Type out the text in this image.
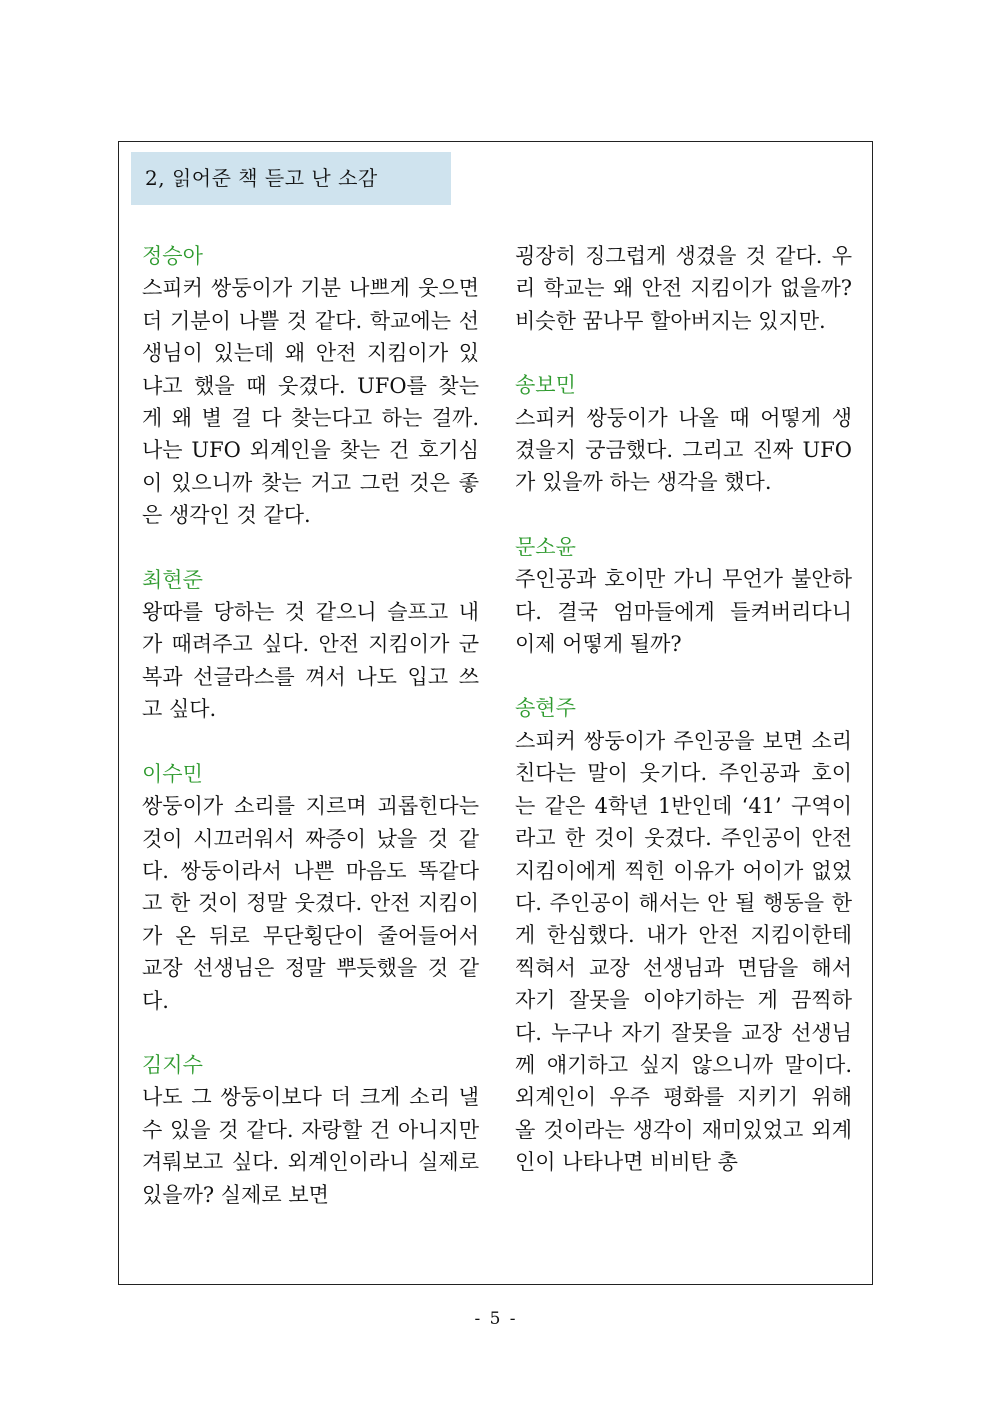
2, 읽어준 책 듣고 난 소감
정승아
스피커 쌍둥이가 기분 나쁘게 웃으면 더 기분이 나쁠 것 같다. 학교에는 선생님이 있는데 왜 안전 지킴이가 있냐고 했을 때 웃겼다. UFO를 찾는 게 왜 별 걸 다 찾는다고 하는 걸까. 나는 UFO 외계인을 찾는 건 호기심이 있으니까 찾는 거고 그런 것은 좋은 생각인 것 같다.
최현준
왕따를 당하는 것 같으니 슬프고 내가 때려주고 싶다. 안전 지킴이가 군복과 선글라스를 껴서 나도 입고 쓰고 싶다.
이수민
쌍둥이가 소리를 지르며 괴롭힌다는 것이 시끄러워서 짜증이 났을 것 같다. 쌍둥이라서 나쁜 마음도 똑같다고 한 것이 정말 웃겼다. 안전 지킴이가 온 뒤로 무단횡단이 줄어들어서 교장 선생님은 정말 뿌듯했을 것 같다.
김지수
나도 그 쌍둥이보다 더 크게 소리 낼 수 있을 것 같다. 자랑할 건 아니지만 겨뤄보고 싶다. 외계인이라니 실제로 있을까? 실제로 보면
굉장히 징그럽게 생겼을 것 같다. 우리 학교는 왜 안전 지킴이가 없을까? 비슷한 꿈나무 할아버지는 있지만.
송보민
스피커 쌍둥이가 나올 때 어떻게 생겼을지 궁금했다. 그리고 진짜 UFO가 있을까 하는 생각을 했다.
문소윤
주인공과 호이만 가니 무언가 불안하다. 결국 엄마들에게 들켜버리다니 이제 어떻게 될까?
송현주
스피커 쌍둥이가 주인공을 보면 소리친다는 말이 웃기다. 주인공과 호이는 같은 4학년 1반인데 ‘41’ 구역이라고 한 것이 웃겼다. 주인공이 안전 지킴이에게 찍힌 이유가 어이가 없었다. 주인공이 해서는 안 될 행동을 한 게 한심했다. 내가 안전 지킴이한테 찍혀서 교장 선생님과 면담을 해서 자기 잘못을 이야기하는 게 끔찍하다. 누구나 자기 잘못을 교장 선생님께 얘기하고 싶지 않으니까 말이다. 외계인이 우주 평화를 지키기 위해 올 것이라는 생각이 재미있었고 외계인이 나타나면 비비탄 총
- 5 -
